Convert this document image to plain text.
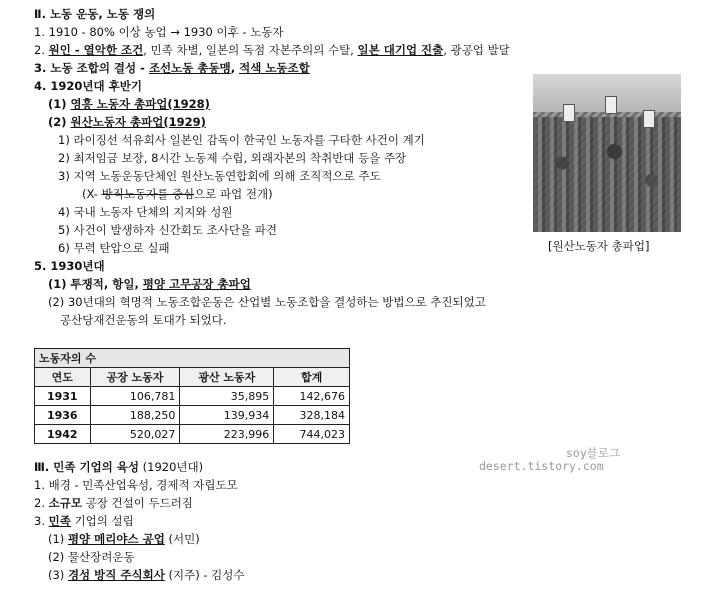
Ⅱ. 노동 운동, 노동 쟁의
1. 1910 - 80% 이상 농업 → 1930 이후 - 노동자
2. 원인 - 열악한 조건, 민족 차별, 일본의 독점 자본주의의 수탈, 일본 대기업 진출, 광공업 발달
3. 노동 조합의 결성 - 조선노동 총동맹, 적색 노동조합
4. 1920년대 후반기
(1) 영흥 노동자 총파업(1928)
(2) 원산노동자 총파업(1929)
1) 라이징선 석유회사 일본인 감독이 한국인 노동자를 구타한 사건이 계기
2) 최저임금 보장, 8시간 노동제 수립, 외래자본의 착취반대 등을 주장
3) 지역 노동운동단체인 원산노동연합회에 의해 조직적으로 주도
(X- 방직노동자를 중심으로 파업 전개)
4) 국내 노동자 단체의 지지와 성원
5) 사건이 발생하자 신간회도 조사단을 파견
6) 무력 탄압으로 실패
5. 1930년대
(1) 투쟁적, 항일, 평양 고무공장 총파업
(2) 30년대의 혁명적 노동조합운동은 산업별 노동조합을 결성하는 방법으로 추진되었고
공산당재건운동의 토대가 되었다.
[원산노동자 총파업]
노동자의 수			
연도	공장 노동자	광산 노동자	합계
1931	106,781	35,895	142,676
1936	188,250	139,934	328,184
1942	520,027	223,996	744,023
soy블로그
desert.tistory.com
Ⅲ. 민족 기업의 육성 (1920년대)
1. 배경 - 민족산업육성, 경제적 자립도모
2. 소규모 공장 건설이 두드러짐
3. 민족 기업의 설립
(1) 평양 메리야스 공업 (서민)
(2) 물산장려운동
(3) 경성 방직 주식회사 (지주) - 김성수
